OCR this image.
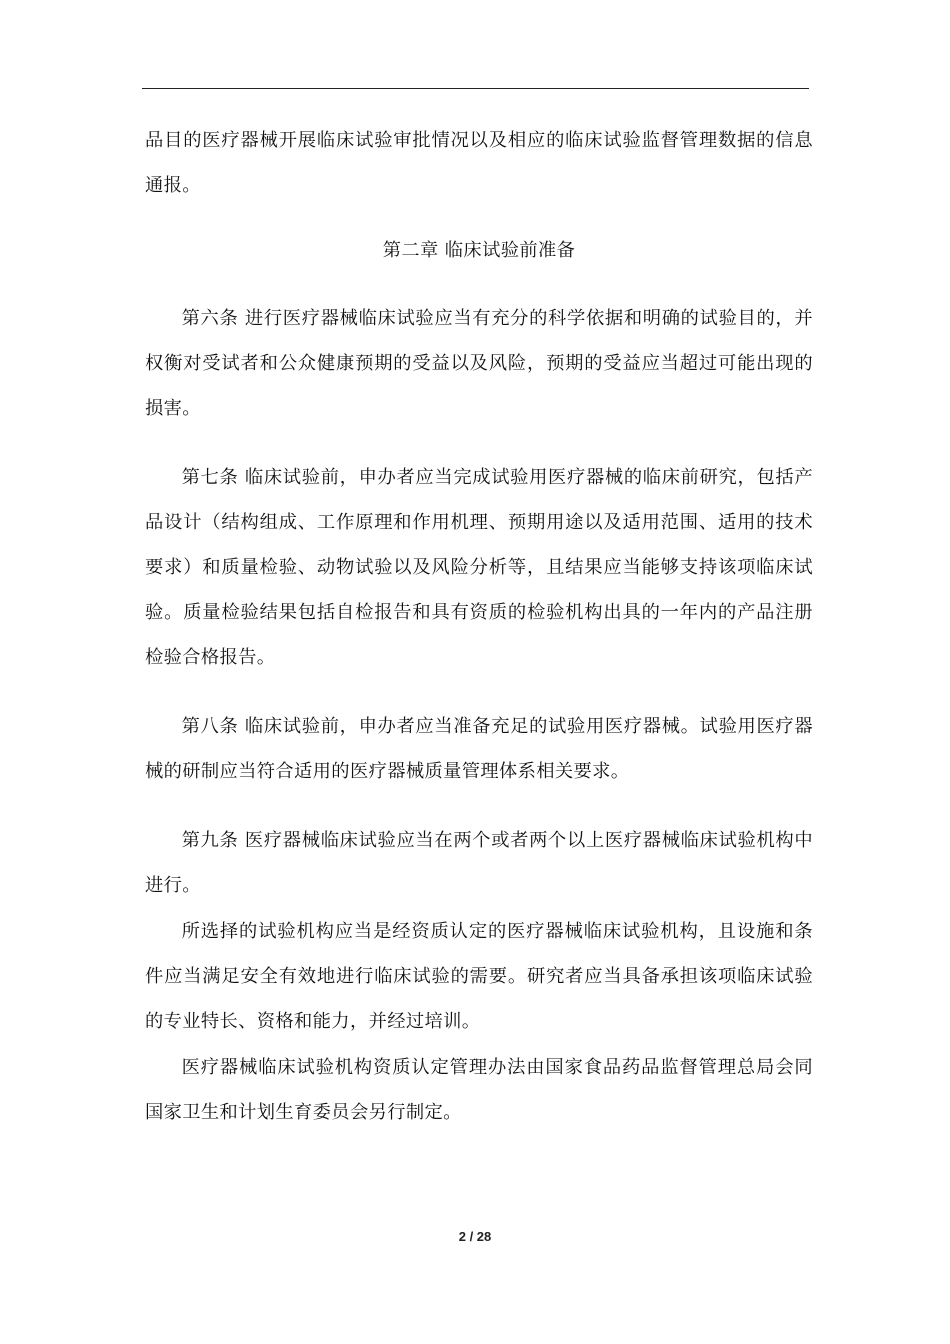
品目的医疗器械开展临床试验审批情况以及相应的临床试验监督管理数据的信息通报。

第二章 临床试验前准备

第六条 进行医疗器械临床试验应当有充分的科学依据和明确的试验目的，并权衡对受试者和公众健康预期的受益以及风险，预期的受益应当超过可能出现的损害。

第七条 临床试验前，申办者应当完成试验用医疗器械的临床前研究，包括产品设计（结构组成、工作原理和作用机理、预期用途以及适用范围、适用的技术要求）和质量检验、动物试验以及风险分析等，且结果应当能够支持该项临床试验。质量检验结果包括自检报告和具有资质的检验机构出具的一年内的产品注册检验合格报告。

第八条 临床试验前，申办者应当准备充足的试验用医疗器械。试验用医疗器械的研制应当符合适用的医疗器械质量管理体系相关要求。

第九条 医疗器械临床试验应当在两个或者两个以上医疗器械临床试验机构中进行。

所选择的试验机构应当是经资质认定的医疗器械临床试验机构，且设施和条件应当满足安全有效地进行临床试验的需要。研究者应当具备承担该项临床试验的专业特长、资格和能力，并经过培训。

医疗器械临床试验机构资质认定管理办法由国家食品药品监督管理总局会同国家卫生和计划生育委员会另行制定。

2 / 28
